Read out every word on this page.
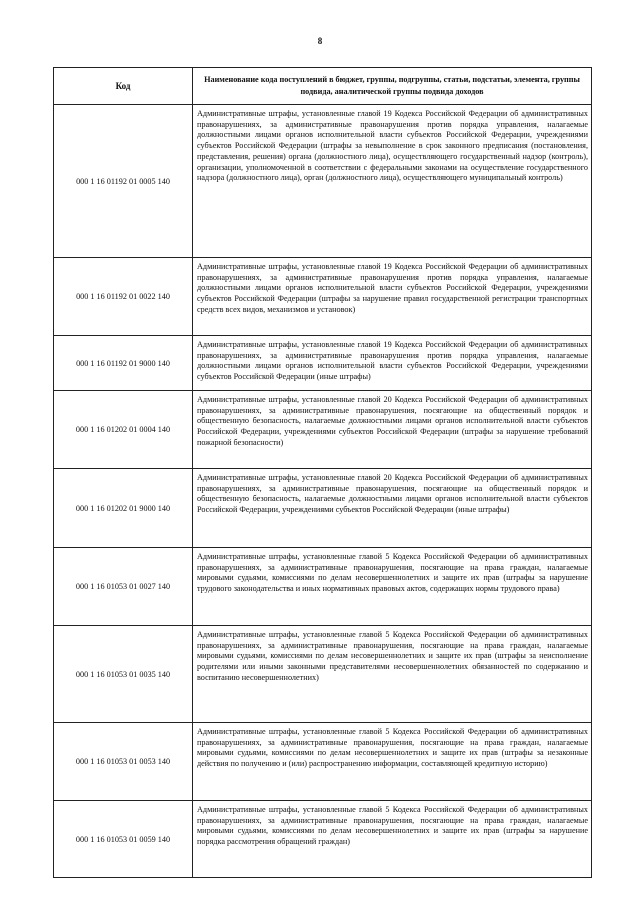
8
Код	Наименование кода поступлений в бюджет, группы, подгруппы, статьи, подстатьи, элемента, группы подвида, аналитической группы подвида доходов
000 1 16 01192 01 0005 140	Административные штрафы, установленные главой 19 Кодекса Российской Федерации об административных правонарушениях, за административные правонарушения против порядка управления, налагаемые должностными лицами органов исполнительной власти субъектов Российской Федерации, учреждениями субъектов Российской Федерации (штрафы за невыполнение в срок законного предписания (постановления, представления, решения) органа (должностного лица), осуществляющего государственный надзор (контроль), организации, уполномоченной в соответствии с федеральными законами на осуществление государственного надзора (должностного лица), орган (должностного лица), осуществляющего муниципальный контроль)
000 1 16 01192 01 0022 140	Административные штрафы, установленные главой 19 Кодекса Российской Федерации об административных правонарушениях, за административные правонарушения против порядка управления, налагаемые должностными лицами органов исполнительной власти субъектов Российской Федерации, учреждениями субъектов Российской Федерации (штрафы за нарушение правил государственной регистрации транспортных средств всех видов, механизмов и установок)
000 1 16 01192 01 9000 140	Административные штрафы, установленные главой 19 Кодекса Российской Федерации об административных правонарушениях, за административные правонарушения против порядка управления, налагаемые должностными лицами органов исполнительной власти субъектов Российской Федерации, учреждениями субъектов Российской Федерации (иные штрафы)
000 1 16 01202 01 0004 140	Административные штрафы, установленные главой 20 Кодекса Российской Федерации об административных правонарушениях, за административные правонарушения, посягающие на общественный порядок и общественную безопасность, налагаемые должностными лицами органов исполнительной власти субъектов Российской Федерации, учреждениями субъектов Российской Федерации (штрафы за нарушение требований пожарной безопасности)
000 1 16 01202 01 9000 140	Административные штрафы, установленные главой 20 Кодекса Российской Федерации об административных правонарушениях, за административные правонарушения, посягающие на общественный порядок и общественную безопасность, налагаемые должностными лицами органов исполнительной власти субъектов Российской Федерации, учреждениями субъектов Российской Федерации (иные штрафы)
000 1 16 01053 01 0027 140	Административные штрафы, установленные главой 5 Кодекса Российской Федерации об административных правонарушениях, за административные правонарушения, посягающие на права граждан, налагаемые мировыми судьями, комиссиями по делам несовершеннолетних и защите их прав (штрафы за нарушение трудового законодательства и иных нормативных правовых актов, содержащих нормы трудового права)
000 1 16 01053 01 0035 140	Административные штрафы, установленные главой 5 Кодекса Российской Федерации об административных правонарушениях, за административные правонарушения, посягающие на права граждан, налагаемые мировыми судьями, комиссиями по делам несовершеннолетних и защите их прав (штрафы за неисполнение родителями или иными законными представителями несовершеннолетних обязанностей по содержанию и воспитанию несовершеннолетних)
000 1 16 01053 01 0053 140	Административные штрафы, установленные главой 5 Кодекса Российской Федерации об административных правонарушениях, за административные правонарушения, посягающие на права граждан, налагаемые мировыми судьями, комиссиями по делам несовершеннолетних и защите их прав (штрафы за незаконные действия по получению и (или) распространению информации, составляющей кредитную историю)
000 1 16 01053 01 0059 140	Административные штрафы, установленные главой 5 Кодекса Российской Федерации об административных правонарушениях, за административные правонарушения, посягающие на права граждан, налагаемые мировыми судьями, комиссиями по делам несовершеннолетних и защите их прав (штрафы за нарушение порядка рассмотрения обращений граждан)
